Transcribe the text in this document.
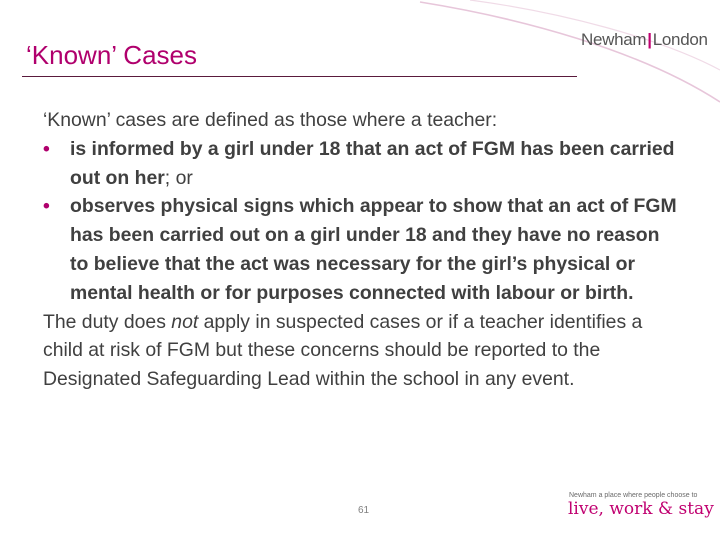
‘Known’ Cases
Newham|London

‘Known’ cases are defined as those where a teacher:

• is informed by a girl under 18 that an act of FGM has been carried out on her; or
• observes physical signs which appear to show that an act of FGM has been carried out on a girl under 18 and they have no reason to believe that the act was necessary for the girl’s physical or mental health or for purposes connected with labour or birth.

The duty does not apply in suspected cases or if a teacher identifies a child at risk of FGM but these concerns should be reported to the Designated Safeguarding Lead within the school in any event.

61
Newham a place where people choose to
live, work & stay
